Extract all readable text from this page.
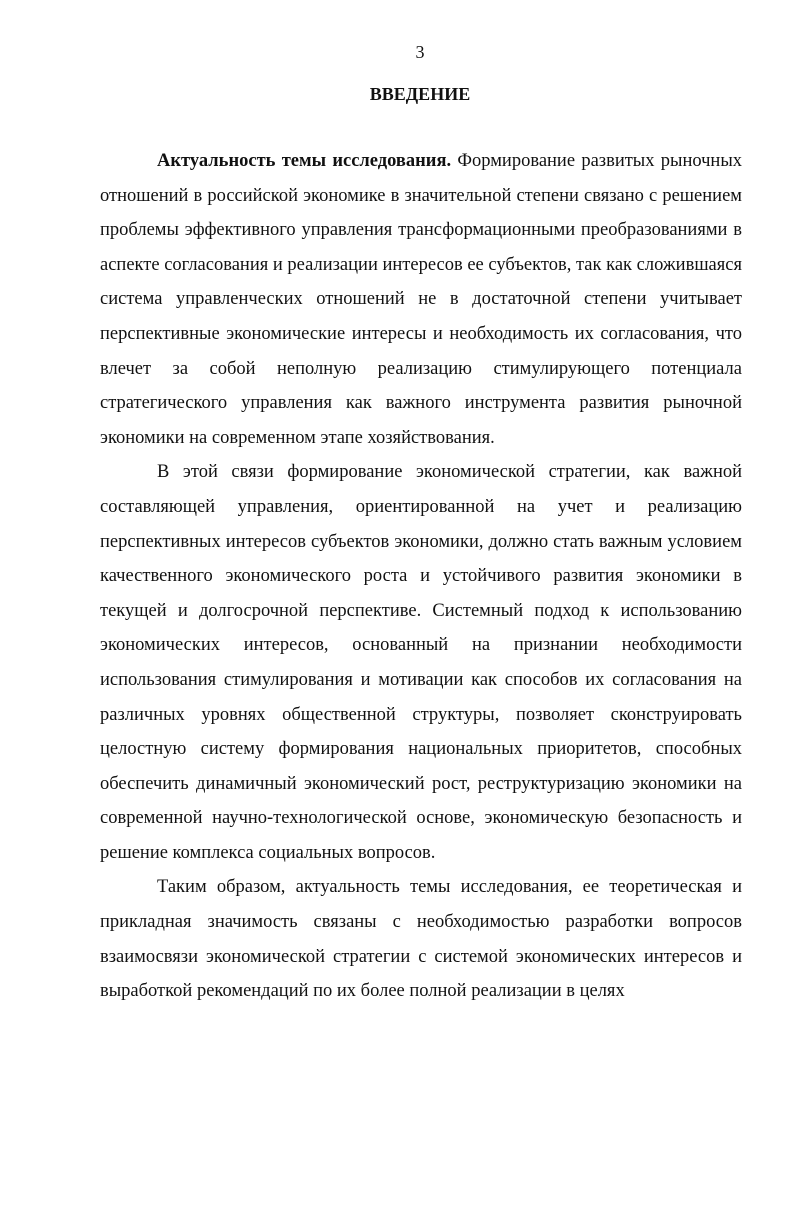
3
ВВЕДЕНИЕ

Актуальность темы исследования. Формирование развитых рыночных отношений в российской экономике в значительной степени связано с решением проблемы эффективного управления трансформационными преобразованиями в аспекте согласования и реализации интересов ее субъектов, так как сложившаяся система управленческих отношений не в достаточной степени учитывает перспективные экономические интересы и необходимость их согласования, что влечет за собой неполную реализацию стимулирующего потенциала стратегического управления как важного инструмента развития рыночной экономики на современном этапе хозяйствования.

В этой связи формирование экономической стратегии, как важной составляющей управления, ориентированной на учет и реализацию перспективных интересов субъектов экономики, должно стать важным условием качественного экономического роста и устойчивого развития экономики в текущей и долгосрочной перспективе. Системный подход к использованию экономических интересов, основанный на признании необходимости использования стимулирования и мотивации как способов их согласования на различных уровнях общественной структуры, позволяет сконструировать целостную систему формирования национальных приоритетов, способных обеспечить динамичный экономический рост, реструктуризацию экономики на современной научно-технологической основе, экономическую безопасность и решение комплекса социальных вопросов.

Таким образом, актуальность темы исследования, ее теоретическая и прикладная значимость связаны с необходимостью разработки вопросов взаимосвязи экономической стратегии с системой экономических интересов и выработкой рекомендаций по их более полной реализации в целях
